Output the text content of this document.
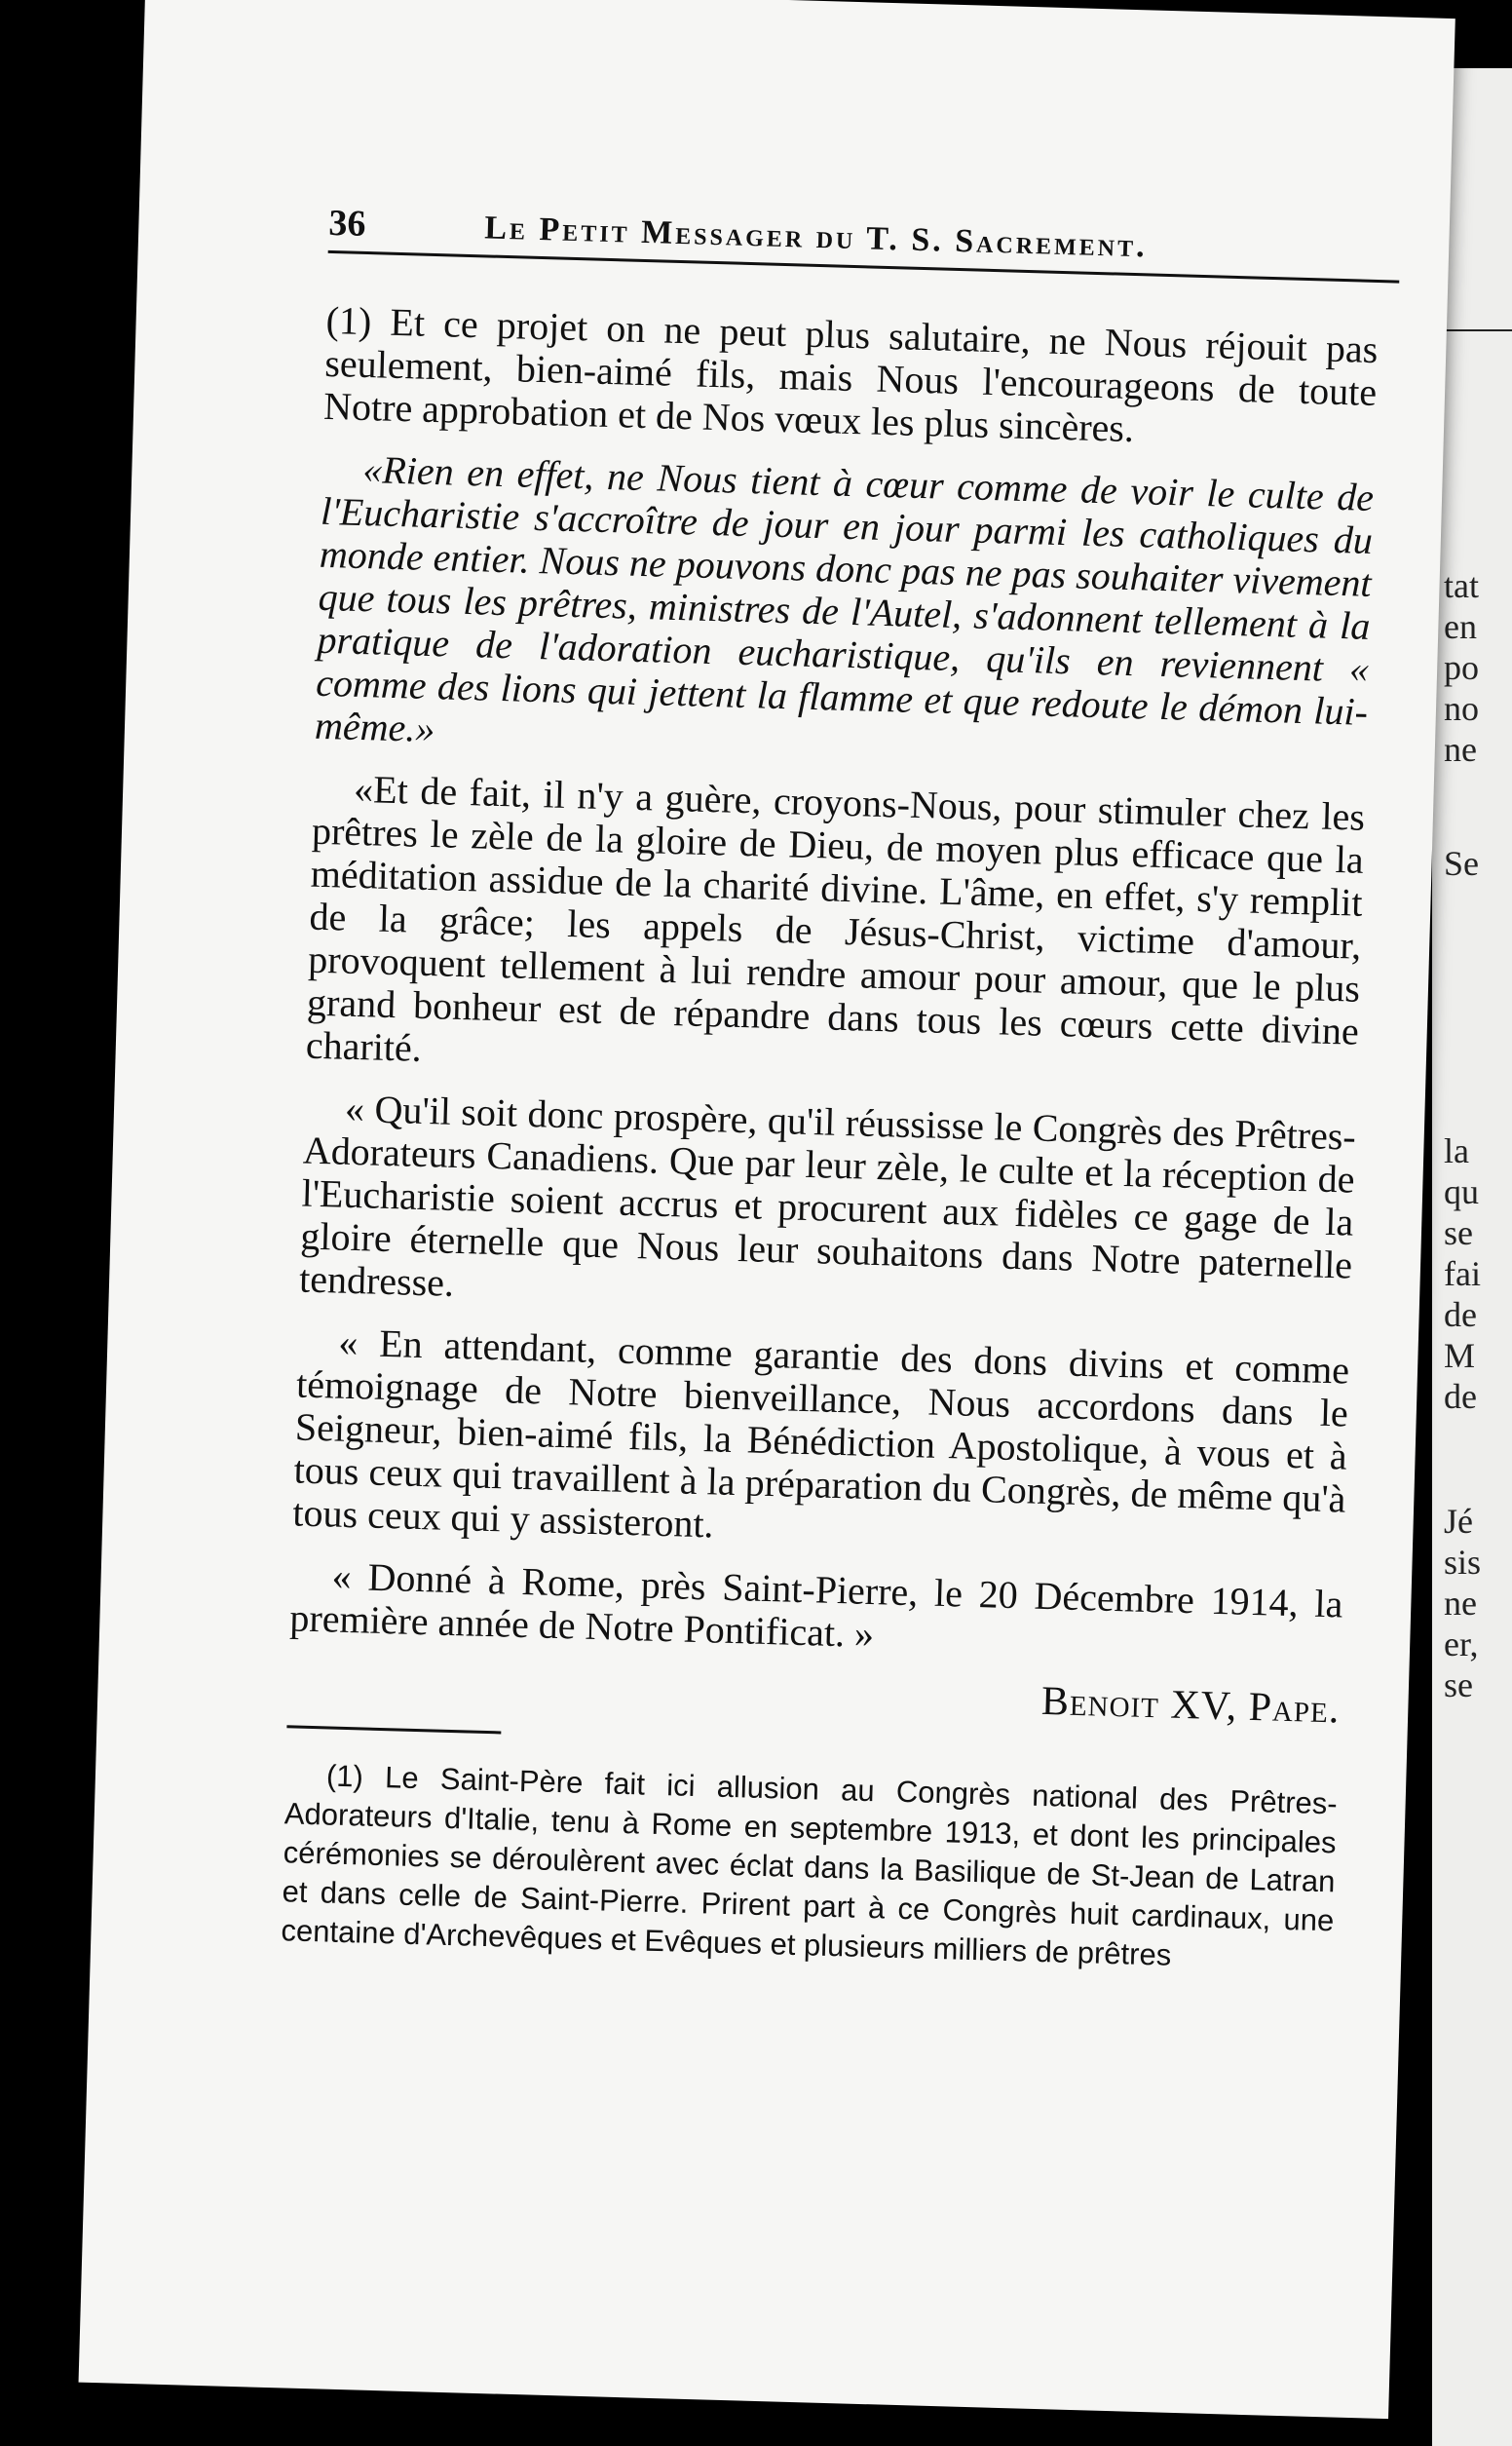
tat
en
po
no
ne
Se
la
qu
se
fai
de
M
de
Jé
sis
ne
er,
se
36	Le Petit Messager du T. S. Sacrement.

(1) Et ce projet on ne peut plus salutaire, ne Nous réjouit pas seulement, bien-aimé fils, mais Nous l'encourageons de toute Notre approbation et de Nos vœux les plus sincères.

«Rien en effet, ne Nous tient à cœur comme de voir le culte de l'Eucharistie s'accroître de jour en jour parmi les catholiques du monde entier. Nous ne pouvons donc pas ne pas souhaiter vivement que tous les prêtres, ministres de l'Autel, s'adonnent tellement à la pratique de l'adoration eucharistique, qu'ils en reviennent « comme des lions qui jettent la flamme et que redoute le démon lui-même.»

«Et de fait, il n'y a guère, croyons-Nous, pour stimuler chez les prêtres le zèle de la gloire de Dieu, de moyen plus efficace que la méditation assidue de la charité divine. L'âme, en effet, s'y remplit de la grâce; les appels de Jésus-Christ, victime d'amour, provoquent tellement à lui rendre amour pour amour, que le plus grand bonheur est de répandre dans tous les cœurs cette divine charité.

« Qu'il soit donc prospère, qu'il réussisse le Congrès des Prêtres-Adorateurs Canadiens. Que par leur zèle, le culte et la réception de l'Eucharistie soient accrus et procurent aux fidèles ce gage de la gloire éternelle que Nous leur souhaitons dans Notre paternelle tendresse.

« En attendant, comme garantie des dons divins et comme témoignage de Notre bienveillance, Nous accordons dans le Seigneur, bien-aimé fils, la Bénédiction Apostolique, à vous et à tous ceux qui travaillent à la préparation du Congrès, de même qu'à tous ceux qui y assisteront.

« Donné à Rome, près Saint-Pierre, le 20 Décembre 1914, la première année de Notre Pontificat. »

Benoit XV, Pape.

(1) Le Saint-Père fait ici allusion au Congrès national des Prêtres-Adorateurs d'Italie, tenu à Rome en septembre 1913, et dont les principales cérémonies se déroulèrent avec éclat dans la Basilique de St-Jean de Latran et dans celle de Saint-Pierre. Prirent part à ce Congrès huit cardinaux, une centaine d'Archevêques et Evêques et plusieurs milliers de prêtres
